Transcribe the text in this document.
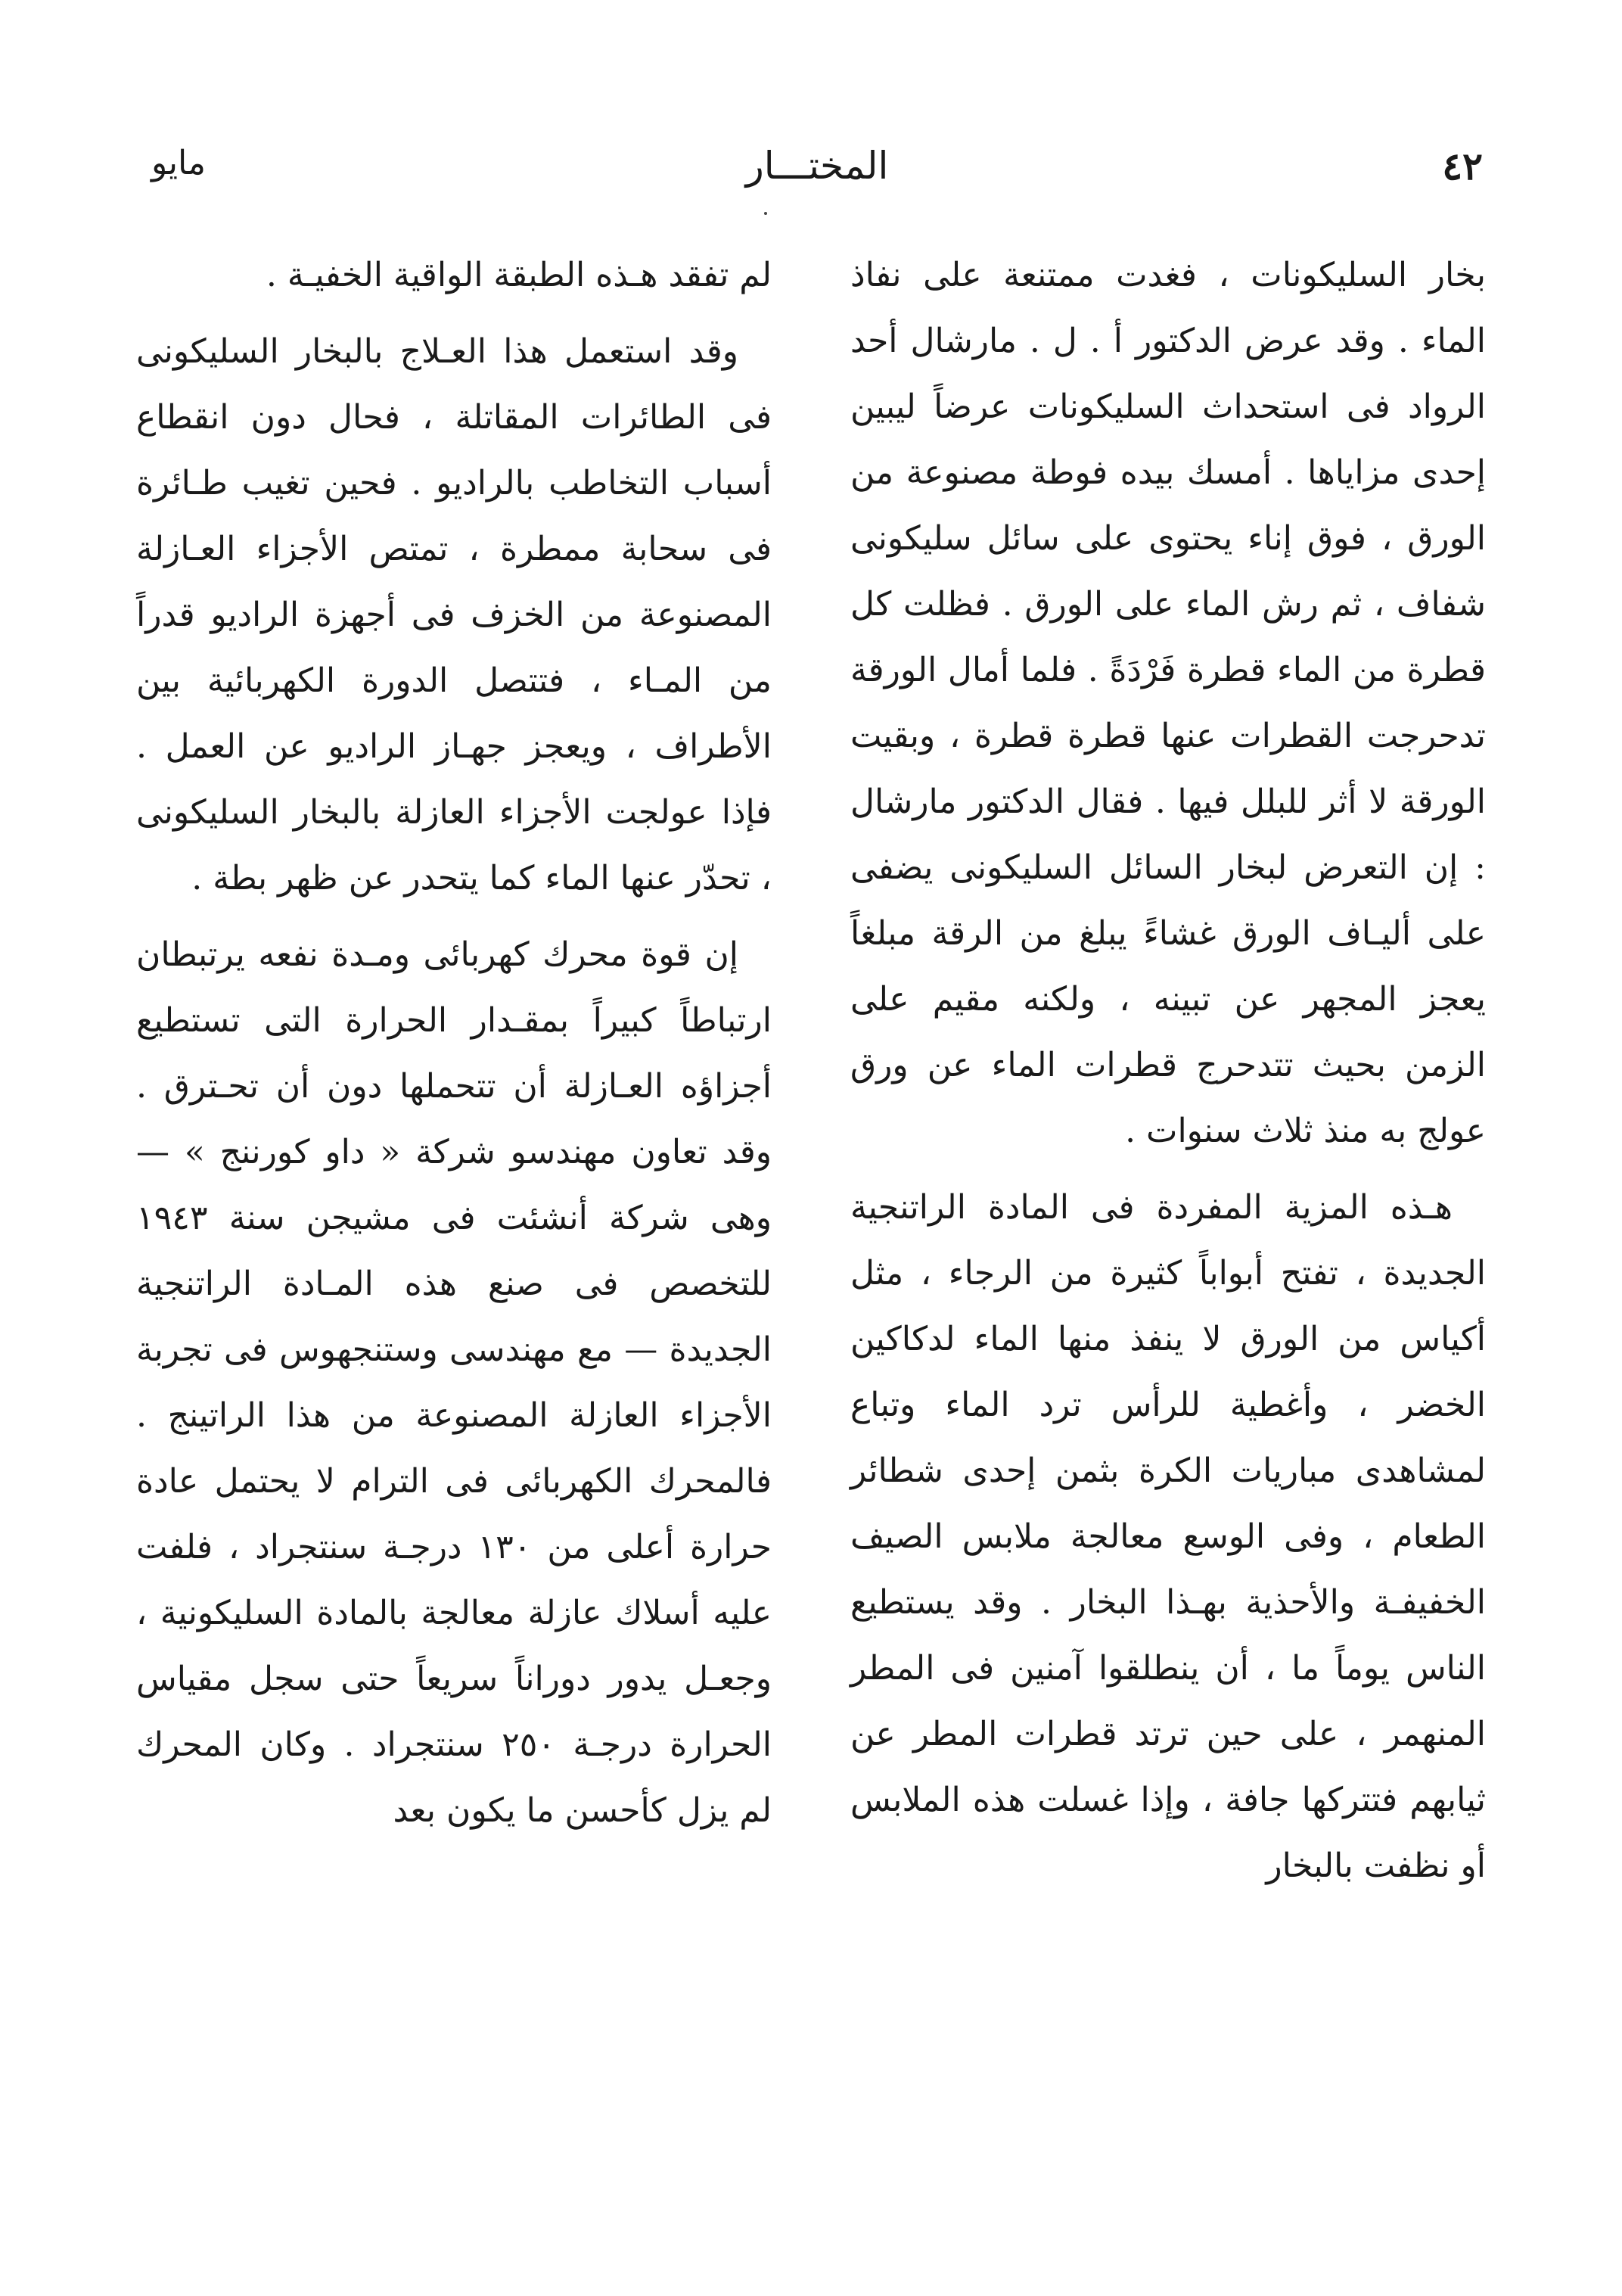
٤٢
المختـــار
مايو

بخار السليكونات ، فغدت ممتنعة على نفاذ الماء . وقد عرض الدكتور أ . ل . مارشال أحد الرواد فى استحداث السليكونات عرضاً ليبين إحدى مزاياها . أمسك بيده فوطة مصنوعة من الورق ، فوق إناء يحتوى على سائل سليكونى شفاف ، ثم رش الماء على الورق . فظلت كل قطرة من الماء قطرة فَرْدَةً . فلما أمال الورقة تدحرجت القطرات عنها قطرة قطرة ، وبقيت الورقة لا أثر للبلل فيها . فقال الدكتور مارشال : إن التعرض لبخار السائل السليكونى يضفى على أليـاف الورق غشاءً يبلغ من الرقة مبلغاً يعجز المجهر عن تبينه ، ولكنه مقيم على الزمن بحيث تتدحرج قطرات الماء عن ورق عولج به منذ ثلاث سنوات .

هـذه المزية المفردة فى المادة الراتنجية الجديدة ، تفتح أبواباً كثيرة من الرجاء ، مثل أكياس من الورق لا ينفذ منها الماء لدكاكين الخضر ، وأغطية للرأس ترد الماء وتباع لمشاهدى مباريات الكرة بثمن إحدى شطائر الطعام ، وفى الوسع معالجة ملابس الصيف الخفيفـة والأحذية بهـذا البخار . وقد يستطيع الناس يوماً ما ، أن ينطلقوا آمنين فى المطر المنهمر ، على حين ترتد قطرات المطر عن ثيابهم فتتركها جافة ، وإذا غسلت هذه الملابس أو نظفت بالبخار

لم تفقد هـذه الطبقة الواقية الخفيـة .

وقد استعمل هذا العـلاج بالبخار السليكونى فى الطائرات المقاتلة ، فحال دون انقطاع أسباب التخاطب بالراديو . فحين تغيب طـائرة فى سحابة ممطرة ، تمتص الأجزاء العـازلة المصنوعة من الخزف فى أجهزة الراديو قدراً من المـاء ، فتتصل الدورة الكهربائية بين الأطراف ، ويعجز جهـاز الراديو عن العمل . فإذا عولجت الأجزاء العازلة بالبخار السليكونى ، تحدّر عنها الماء كما يتحدر عن ظهر بطة .

إن قوة محرك كهربائى ومـدة نفعه يرتبطان ارتباطاً كبيراً بمقـدار الحرارة التى تستطيع أجزاؤه العـازلة أن تتحملها دون أن تحـترق . وقد تعاون مهندسو شركة « داو كورننج » — وهى شركة أنشئت فى مشيجن سنة ١٩٤٣ للتخصص فى صنع هذه المـادة الراتنجية الجديدة — مع مهندسى وستنجهوس فى تجربة الأجزاء العازلة المصنوعة من هذا الراتينج . فالمحرك الكهربائى فى الترام لا يحتمل عادة حرارة أعلى من ١٣٠ درجـة سنتجراد ، فلفت عليه أسلاك عازلة معالجة بالمادة السليكونية ، وجعـل يدور دوراناً سريعاً حتى سجل مقياس الحرارة درجـة ٢٥٠ سنتجراد . وكان المحرك لم يزل كأحسن ما يكون بعد
